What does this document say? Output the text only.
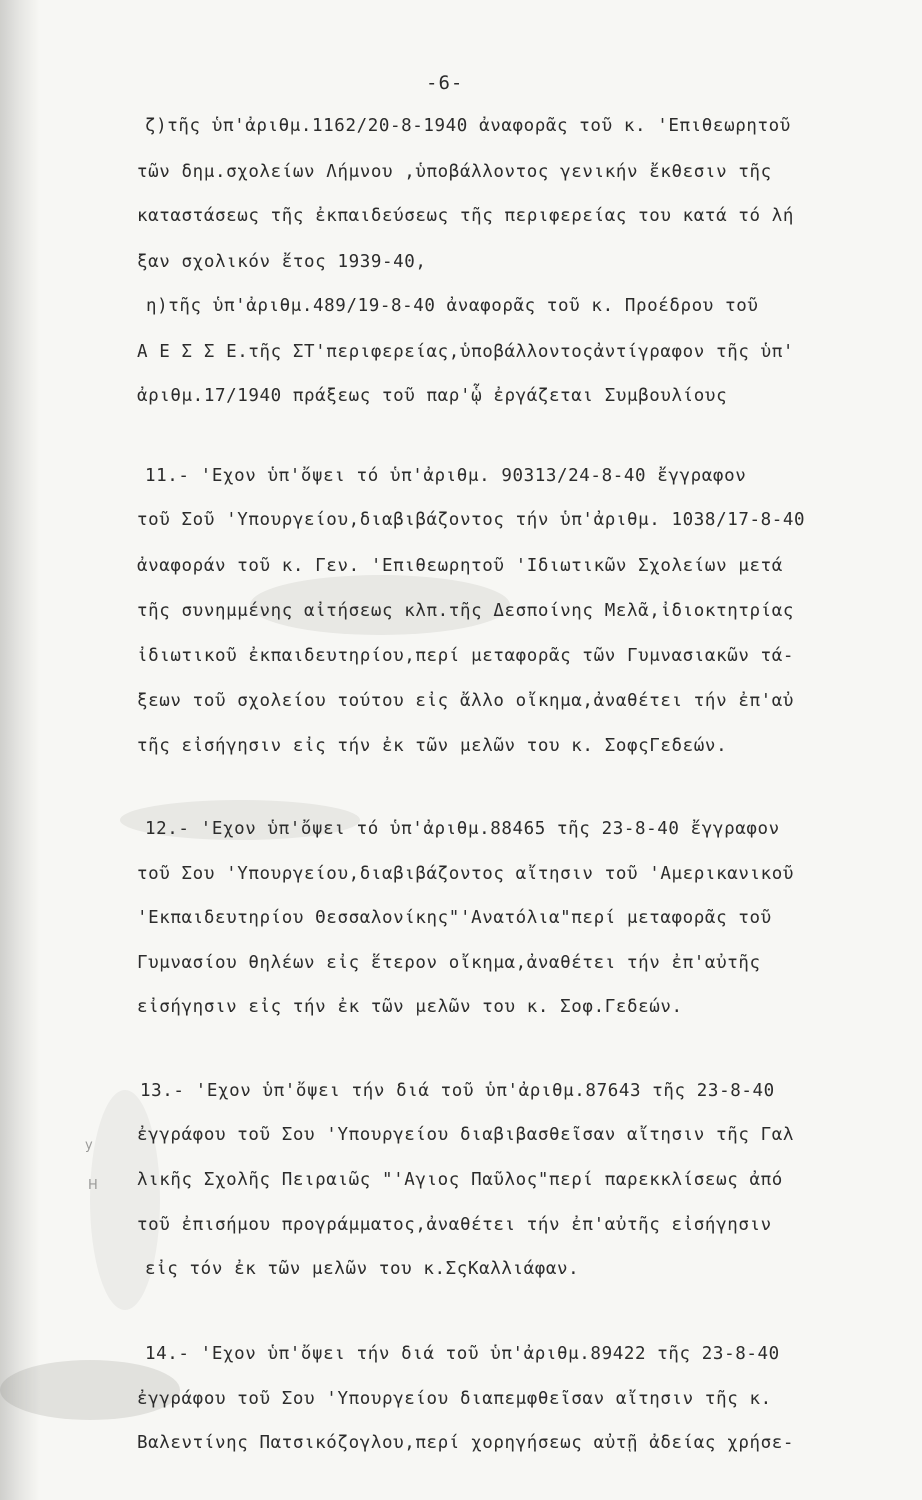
y
H
-6-
ζ)τῆς ὑπ'ἀριθμ.1162/20-8-1940 ἀναφορᾶς τοῦ κ. 'Επιθεωρητοῦ
τῶν δημ.σχολείων Λήμνου ,ὑποβάλλοντος γενικήν ἔκθεσιν τῆς
καταστάσεως τῆς ἐκπαιδεύσεως τῆς περιφερείας του κατά τό λή
ξαν σχολικόν ἔτος 1939-40,
η)τῆς ὑπ'ἀριθμ.489/19-8-40 ἀναφορᾶς τοῦ κ. Προέδρου τοῦ
Α Ε Σ Σ Ε.τῆς ΣΤ'περιφερείας,ὑποβάλλοντοςἀντίγραφον τῆς ὑπ'
ἀριθμ.17/1940 πράξεως τοῦ παρ'ᾧ ἐργάζεται Συμβουλίους
11.- 'Εχον ὑπ'ὄψει τό ὑπ'ἀριθμ. 90313/24-8-40 ἔγγραφον
τοῦ Σοῦ 'Υπουργείου,διαβιβάζοντος τήν ὑπ'ἀριθμ. 1038/17-8-40
ἀναφοράν τοῦ κ. Γεν. 'Επιθεωρητοῦ 'Ιδιωτικῶν Σχολείων μετά
τῆς συνημμένης αἰτήσεως κλπ.τῆς Δεσποίνης Μελᾶ,ἰδιοκτητρίας
ἰδιωτικοῦ ἐκπαιδευτηρίου,περί μεταφορᾶς τῶν Γυμνασιακῶν τά-
ξεων τοῦ σχολείου τούτου εἰς ἄλλο οἴκημα,ἀναθέτει τήν ἐπ'αὐ
τῆς εἰσήγησιν εἰς τήν ἐκ τῶν μελῶν του κ. ΣοφςΓεδεών.
12.- 'Εχον ὑπ'ὄψει τό ὑπ'ἀριθμ.88465 τῆς 23-8-40 ἔγγραφον
τοῦ Σου 'Υπουργείου,διαβιβάζοντος αἴτησιν τοῦ 'Αμερικανικοῦ
'Εκπαιδευτηρίου Θεσσαλονίκης"'Ανατόλια"περί μεταφορᾶς τοῦ
Γυμνασίου θηλέων εἰς ἕτερον οἴκημα,ἀναθέτει τήν ἐπ'αὐτῆς
εἰσήγησιν εἰς τήν ἐκ τῶν μελῶν του κ. Σοφ.Γεδεών.
13.- 'Εχον ὑπ'ὄψει τήν διά τοῦ ὑπ'ἀριθμ.87643 τῆς 23-8-40
ἐγγράφου τοῦ Σου 'Υπουργείου διαβιβασθεῖσαν αἴτησιν τῆς Γαλ
λικῆς Σχολῆς Πειραιῶς "'Αγιος Παῦλος"περί παρεκκλίσεως ἀπό
τοῦ ἐπισήμου προγράμματος,ἀναθέτει τήν ἐπ'αὐτῆς εἰσήγησιν
εἰς τόν ἐκ τῶν μελῶν του κ.ΣςΚαλλιάφαν.
14.- 'Εχον ὑπ'ὄψει τήν διά τοῦ ὑπ'ἀριθμ.89422 τῆς 23-8-40
ἐγγράφου τοῦ Σου 'Υπουργείου διαπεμφθεῖσαν αἴτησιν τῆς κ.
Βαλεντίνης Πατσικόζογλου,περί χορηγήσεως αὐτῇ ἀδείας χρήσε-
